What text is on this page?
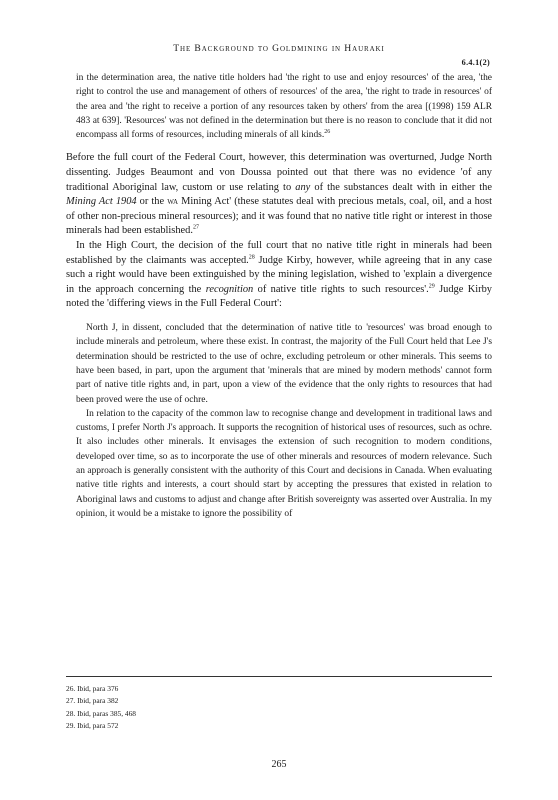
The Background to Goldmining in Hauraki
6.4.1(2)

in the determination area, the native title holders had 'the right to use and enjoy resources' of the area, 'the right to control the use and management of others of resources' of the area, 'the right to trade in resources' of the area and 'the right to receive a portion of any resources taken by others' from the area [(1998) 159 ALR 483 at 639]. 'Resources' was not defined in the determination but there is no reason to conclude that it did not encompass all forms of resources, including minerals of all kinds.$^{26}$

Before the full court of the Federal Court, however, this determination was overturned, Judge North dissenting. Judges Beaumont and von Doussa pointed out that there was no evidence 'of any traditional Aboriginal law, custom or use relating to any of the substances dealt with in either the Mining Act 1904 or the wa Mining Act' (these statutes deal with precious metals, coal, oil, and a host of other non-precious mineral resources); and it was found that no native title right or interest in those minerals had been established.$^{27}$

In the High Court, the decision of the full court that no native title right in minerals had been established by the claimants was accepted.$^{28}$ Judge Kirby, however, while agreeing that in any case such a right would have been extinguished by the mining legislation, wished to 'explain a divergence in the approach concerning the recognition of native title rights to such resources'.$^{29}$ Judge Kirby noted the 'differing views in the Full Federal Court':

North J, in dissent, concluded that the determination of native title to 'resources' was broad enough to include minerals and petroleum, where these exist. In contrast, the majority of the Full Court held that Lee J's determination should be restricted to the use of ochre, excluding petroleum or other minerals. This seems to have been based, in part, upon the argument that 'minerals that are mined by modern methods' cannot form part of native title rights and, in part, upon a view of the evidence that the only rights to resources that had been proved were the use of ochre.

In relation to the capacity of the common law to recognise change and development in traditional laws and customs, I prefer North J's approach. It supports the recognition of historical uses of resources, such as ochre. It also includes other minerals. It envisages the extension of such recognition to modern conditions, developed over time, so as to incorporate the use of other minerals and resources of modern relevance. Such an approach is generally consistent with the authority of this Court and decisions in Canada. When evaluating native title rights and interests, a court should start by accepting the pressures that existed in relation to Aboriginal laws and customs to adjust and change after British sovereignty was asserted over Australia. In my opinion, it would be a mistake to ignore the possibility of

26. Ibid, para 376
27. Ibid, para 382
28. Ibid, paras 385, 468
29. Ibid, para 572
265
